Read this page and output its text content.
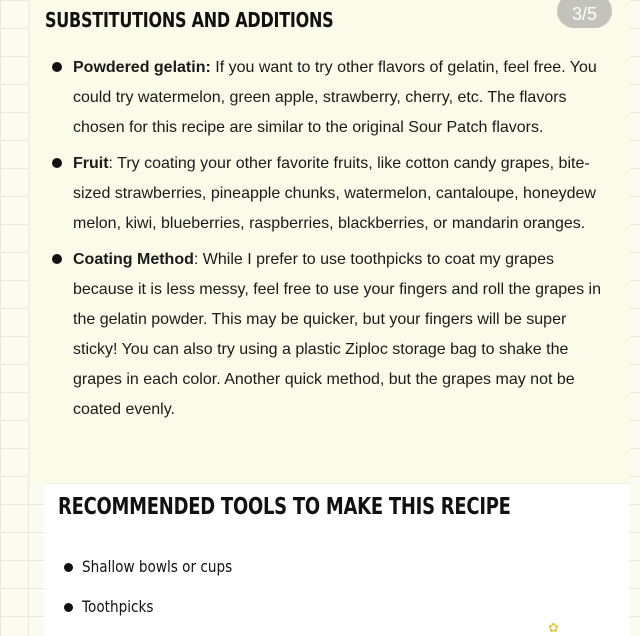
SUBSTITUTIONS AND ADDITIONS	3/5
Powdered gelatin: If you want to try other flavors of gelatin, feel free. You could try watermelon, green apple, strawberry, cherry, etc. The flavors chosen for this recipe are similar to the original Sour Patch flavors.
Fruit: Try coating your other favorite fruits, like cotton candy grapes, bite-sized strawberries, pineapple chunks, watermelon, cantaloupe, honeydew melon, kiwi, blueberries, raspberries, blackberries, or mandarin oranges.
Coating Method: While I prefer to use toothpicks to coat my grapes because it is less messy, feel free to use your fingers and roll the grapes in the gelatin powder. This may be quicker, but your fingers will be super sticky! You can also try using a plastic Ziploc storage bag to shake the grapes in each color. Another quick method, but the grapes may not be coated evenly.
RECOMMENDED TOOLS TO MAKE THIS RECIPE
Shallow bowls or cups
Toothpicks
✿
